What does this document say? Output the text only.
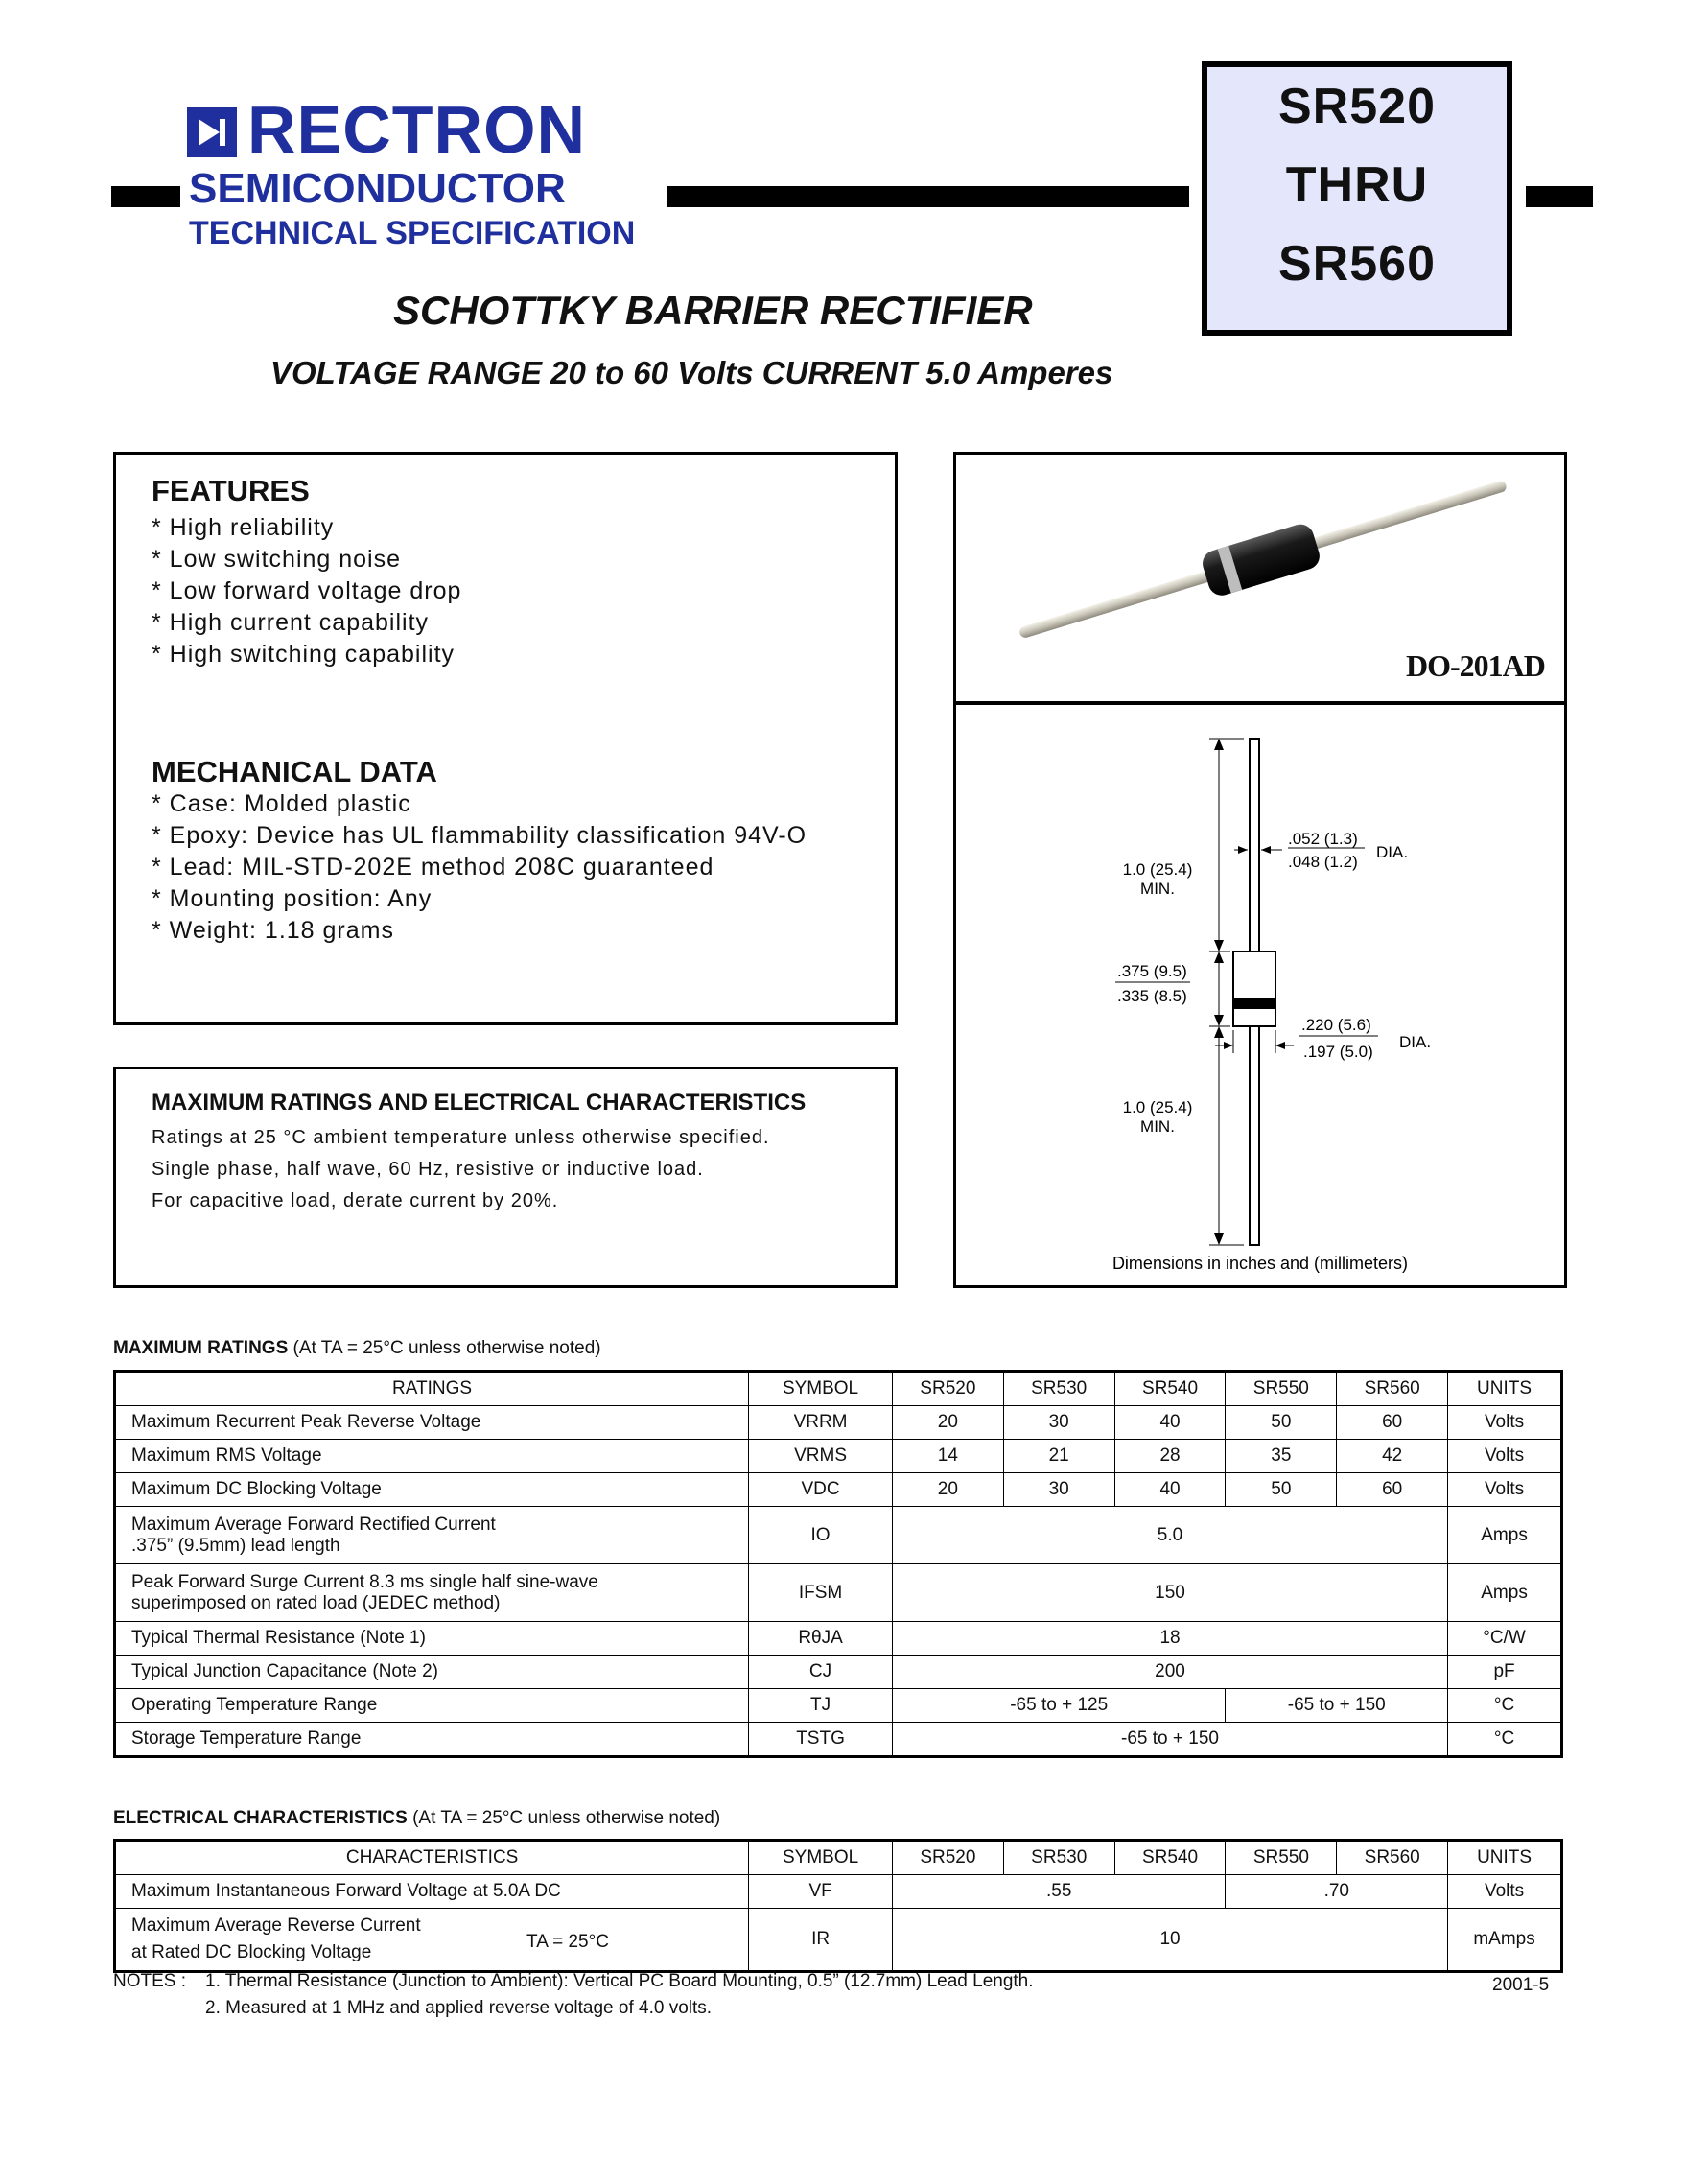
RECTRON
SEMICONDUCTOR
TECHNICAL SPECIFICATION
SR520
THRU
SR560
SCHOTTKY BARRIER RECTIFIER
VOLTAGE RANGE 20 to 60 Volts CURRENT 5.0 Amperes
FEATURES
* High reliability
* Low switching noise
* Low forward voltage drop
* High current capability
* High switching capability
MECHANICAL DATA
* Case: Molded plastic
* Epoxy: Device has UL flammability classification 94V-O
* Lead: MIL-STD-202E method 208C guaranteed
* Mounting position: Any
* Weight: 1.18 grams
MAXIMUM RATINGS AND ELECTRICAL CHARACTERISTICS
Ratings at 25 °C ambient temperature unless otherwise specified.
Single phase, half wave, 60 Hz, resistive or inductive load.
For capacitive load, derate current by 20%.
DO-201AD
1.0 (25.4)
MIN.
.052 (1.3)
.048 (1.2)
DIA.
.375 (9.5)
.335 (8.5)
.220 (5.6)
.197 (5.0)
DIA.
1.0 (25.4)
MIN.
Dimensions in inches and (millimeters)
MAXIMUM RATINGS (At TA = 25°C unless otherwise noted)
RATINGS	SYMBOL	SR520	SR530	SR540	SR550	SR560	UNITS
Maximum Recurrent Peak Reverse Voltage	VRRM	20	30	40	50	60	Volts
Maximum RMS Voltage	VRMS	14	21	28	35	42	Volts
Maximum DC Blocking Voltage	VDC	20	30	40	50	60	Volts

Maximum Average Forward Rectified Current
.375” (9.5mm) lead length	IO	5.0					Amps

Peak Forward Surge Current 8.3 ms single half sine-wave
superimposed on rated load (JEDEC method)	IFSM	150					Amps
Typical Thermal Resistance (Note 1)	RθJA	18					°C/W
Typical Junction Capacitance (Note 2)	CJ	200					pF
Operating Temperature Range	TJ	-65 to + 125			-65 to + 150		°C
Storage Temperature Range	TSTG	-65 to + 150					°C
ELECTRICAL CHARACTERISTICS (At TA = 25°C unless otherwise noted)
CHARACTERISTICS	SYMBOL	SR520	SR530	SR540	SR550	SR560	UNITS
Maximum Instantaneous Forward Voltage at 5.0A DC	VF	.55			.70		Volts

Maximum Average Reverse Current
at Rated DC Blocking Voltage
TA = 25°C	IR	10					mAmps
NOTES : 1. Thermal Resistance (Junction to Ambient): Vertical PC Board Mounting, 0.5” (12.7mm) Lead Length.
2. Measured at 1 MHz and applied reverse voltage of 4.0 volts.
2001-5
